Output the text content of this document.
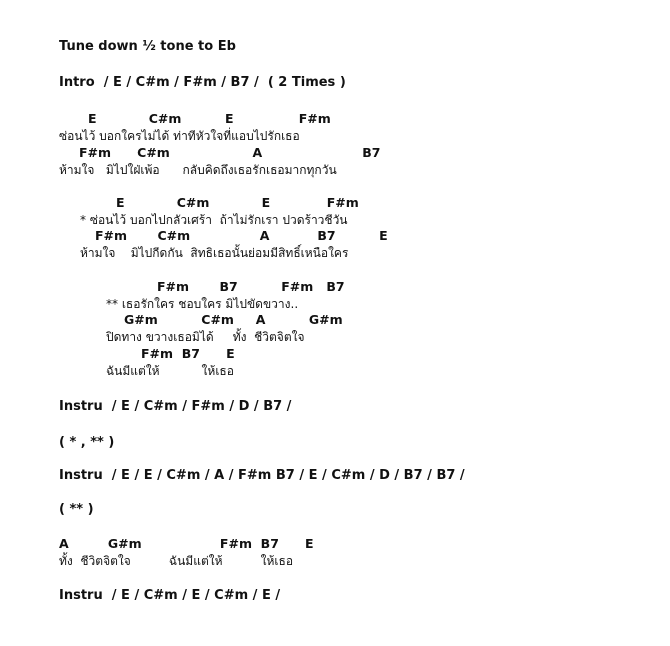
Tune down ½ tone to Eb
Intro  / E / C#m / F#m / B7 /  ( 2 Times )
E            C#m          E               F#m
ซ่อนไว้ บอกใครไม่ได้ ท่าทีหัวใจที่แอบไปรักเธอ
F#m      C#m                   A                       B7
ห้ามใจ   มิไปใฝ่เพ้อ      กลับคิดถึงเธอรักเธอมากทุกวัน
E            C#m            E             F#m
* ซ่อนไว้ บอกไปกลัวเศร้า  ถ้าไม่รักเรา ปวดร้าวชีวัน
F#m       C#m                A           B7          E
ห้ามใจ    มิไปกีดกัน  สิทธิเธอนั้นย่อมมีสิทธิ์เหนือใคร
F#m       B7          F#m   B7
** เธอรักใคร ชอบใคร มิไปขัดขวาง..
G#m          C#m     A          G#m
ปิดทาง ขวางเธอมิได้     ทั้ง  ชีวิตจิตใจ
F#m  B7      E
ฉันมีแต่ให้           ให้เธอ
Instru  / E / C#m / F#m / D / B7 /
( * , ** )
Instru  / E / E / C#m / A / F#m B7 / E / C#m / D / B7 / B7 /
( ** )
A         G#m                  F#m  B7      E
ทั้ง  ชีวิตจิตใจ          ฉันมีแต่ให้          ให้เธอ
Instru  / E / C#m / E / C#m / E /
